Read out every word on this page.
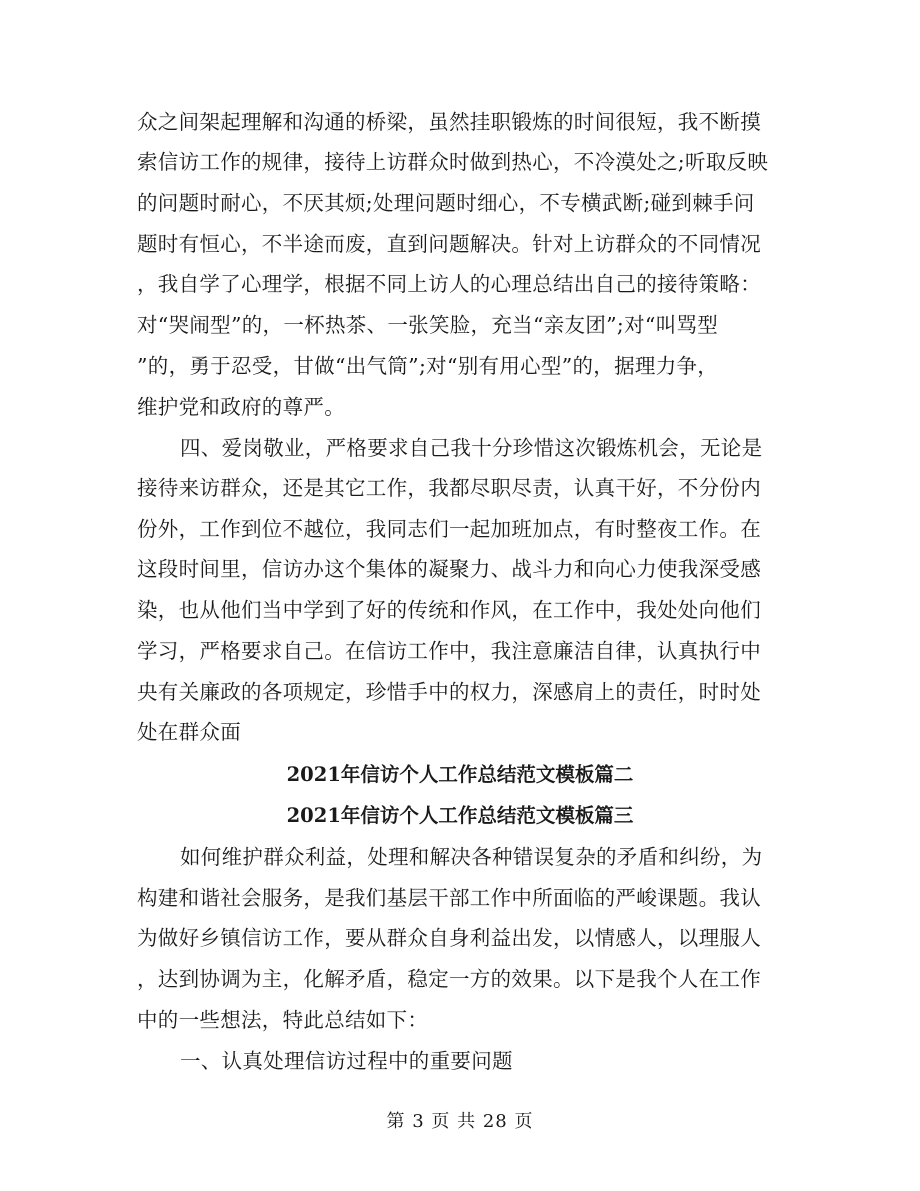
众之间架起理解和沟通的桥梁，虽然挂职锻炼的时间很短，我不断摸
索信访工作的规律，接待上访群众时做到热心，不冷漠处之;听取反映
的问题时耐心，不厌其烦;处理问题时细心，不专横武断;碰到棘手问
题时有恒心，不半途而废，直到问题解决。针对上访群众的不同情况
，我自学了心理学，根据不同上访人的心理总结出自己的接待策略：
对“哭闹型”的，一杯热茶、一张笑脸，充当“亲友团”;对“叫骂型
”的，勇于忍受，甘做“出气筒”;对“别有用心型”的，据理力争，
维护党和政府的尊严。
四、爱岗敬业，严格要求自己我十分珍惜这次锻炼机会，无论是
接待来访群众，还是其它工作，我都尽职尽责，认真干好，不分份内
份外，工作到位不越位，我同志们一起加班加点，有时整夜工作。在
这段时间里，信访办这个集体的凝聚力、战斗力和向心力使我深受感
染，也从他们当中学到了好的传统和作风，在工作中，我处处向他们
学习，严格要求自己。在信访工作中，我注意廉洁自律，认真执行中
央有关廉政的各项规定，珍惜手中的权力，深感肩上的责任，时时处
处在群众面
2021年信访个人工作总结范文模板篇二
2021年信访个人工作总结范文模板篇三
如何维护群众利益，处理和解决各种错误复杂的矛盾和纠纷，为
构建和谐社会服务，是我们基层干部工作中所面临的严峻课题。我认
为做好乡镇信访工作，要从群众自身利益出发，以情感人，以理服人
，达到协调为主，化解矛盾，稳定一方的效果。以下是我个人在工作
中的一些想法，特此总结如下：
一、认真处理信访过程中的重要问题
第 3 页 共 28 页
